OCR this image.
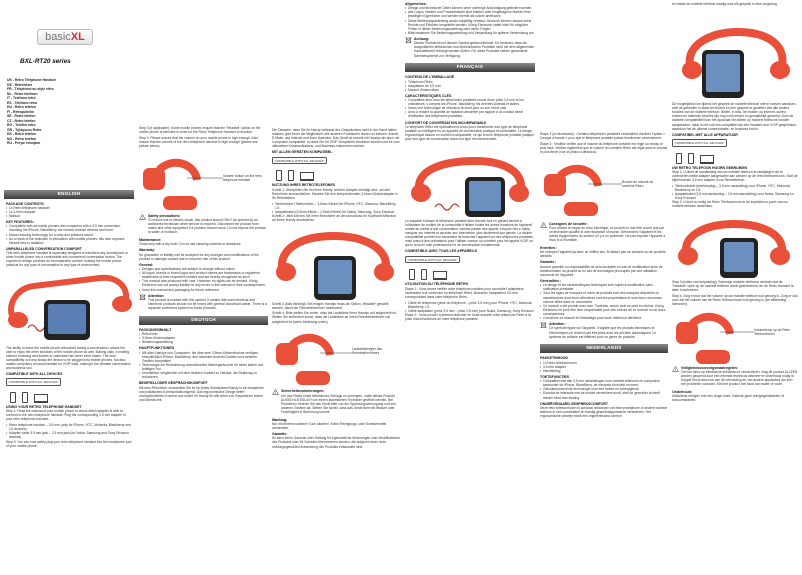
basicXL
BXL-RT20 series
UK - Retro Telephone Handset
DE - Retrohörer
FR - Téléphone au style rétro
NL - Retro telefoon
IT - Telefono retrò
ES - Teléfono retro
HU - Retro telefon
FI - Retropuhelin
SE - Retro telefon
CZ - Retro telefon
RO - Telefon retro
GR - Τηλέφωνο Retro
DK - Retro telefon
NO - Retro telefon
RU - Ретро телефон
ENGLISH
PACKAGE CONTENTS:
• 1x Retro telephone handset
• 1x 3.5mm adapter
• Manual
KEY FEATURES:
• Compatible with all mobile phones and computers with a 3.5 mm connection, including the iPhone, BlackBerry, the newest Android devices and more.
• Noise-reducing technology for a crisp and polished sound.
• As a result of the reduction in interaction with mobile phones, this user exposes himself less to radiation.
UNPARALLELED CONVERSATION COMFORT

This retro telephone handset is especially designed to transform any smartphone or other mobile phone into a comfortable and convenient conversation device. The ergonomic design provides an incomparable comfort, making the mobile phone practical for any type of conversation in any type of environment.

The ability to leave the mobile phone untouched during a conversation, allows the user to enjoy the other functions of the mobile phone as well. Making calls, e-mailing, internet browsing and access to calendars has never been easier. The dual compatibility not only allows the device to be plugged into mobile phones, but also makes computers an ideal handset for VOIP calls, making it the ultimate conversation and business tool.

COMPATIBLE WITH ALL DEVICES
COMPATIBLE WITH ALL DEVICES*
USING YOUR RETRO TELEPHONE HANDSET

Step 1: Read the manual of your mobile phone to check which adapter is able to connect to the retro telephone handset. Plug the corresponding 3.5 mm adapter in your retro telephone handset.

• Retro telephone handset – 3.5 mm (only for iPhone, HTC, Motorola, Blackberry and LG devices)
• Adapter cable 3.5 mm jack – 2.5 mm jack (for Nokia, Samsung and Sony Ericsson devices)

Step 2: You can now safely plug your retro telephone handset into the headphone port of your mobile phone.

Step 3 (if applicable): Some mobile phones require that the "Headset" option on the mobile phone is selected in order for the Retro Telephone Handset to function.

Step 4: Please ensure that the volume on your mobile phone is high enough. Also ensure that the volume of the retro telephone handset is high enough (please see picture below).

Volume button on the retro telephone handset
! Safety precautions:

To reduce risk of electric shock, this product should ONLY be opened by an authorized technician when service is required. Disconnect the product from mains and other equipment if a problem should occur. Do not expose the product to water or moisture.

Maintenance:

Clean only with a dry cloth. Do not use cleaning solvents or abrasives.

Warranty:

No guarantee or liability can be accepted for any changes and modifications of the product or damage caused due to incorrect use of this product.

General:
• Designs and specifications are subject to change without notice.
• All logos, brands or brand logos and product names are trademarks or registered trademarks of their respective holders and are hereby recognized as such.
• This manual was produced with care. However, no rights can be derived. König Electronic can not accept liability for any errors in this manual or their consequences.
• Keep this manual and packaging for future reference.
Attention:

This product is marked with this symbol. It means that used electrical and electronic products should not be mixed with general household waste. There is a separate collections system for these products.

DEUTSCH
PACKUNGSINHALT
• Retrohörer
• 3,5mm-Klinkenadapter
• Bedienungsanleitung
HAUPTFUNKTIONEN
• Mit allen Handys und Computern, die über eine 3,5mm-Klinkenbuchse verfügen, einschließlich iPhone, BlackBerry, den neuesten Android-Geräten und weiteren Geräten kompatibel.
• Technologie zur Reduzierung unerwünschter Nebengeräusche für einen klaren und kräftigen Ton.
• Unmittelbar, vergleichen mit dem direkten Kontakt zu Handys, die Strahlung zu reduzieren.
BEISPIELLOSER GESPRÄCHSKOMFORT

Mit dem Retrohörer verwandeln Sie im Nu jedes Smartphone/Handy in ein bequemes und praktisches Kommunikationsgerät. Das ergonomische Design liefert unvergleichlichen Komfort und macht Ihr Handy für alle Arten von Gesprächen immer und überall zeit.

Die Tatsache, dass Sie Ihr Handy während des Gesprächens nicht in der Hand halten müssen, gibt Ihnen die Möglichkeit, alle anderen Funktionen nutzen zu können: Anrufe, E-Mails, das Internet und Ihren Kalender. Das Gerät ist sowohl mit Handys als auch mit Computern kompatibel, so dass Sie für VOIP-Gespräche einsetzen können und es zum ultimativen Kommunikations- und Business-Instrument machen.

MIT ALLEN GERÄTEN KOMPATIBEL
COMPATIBLE WITH ALL DEVICES*
NUTZUNG IHRES RETROTELEFONES

Schritt 1: Überprüfen Sie im Ihrem Handy, welcher Adapter benötigt wird, um den Retrohörer anzuschließen. Stecken Sie den entsprechenden 3,5mm-Klinkenadapter in Ihr Retrotelefon.

• Telefonhörer (Telefonhörer – 3,5mm-Klinke) für iPhone, HTC, Motorola, BlackBerry, LG
• Adapterkabel (3,5mm-Klinke – 2,5mm-Klinke) für Nokia, Samsung, Sony Ericsson

Schritt 2: Jetzt können Sie Ihren Retrohörer an den Anschluss für Kopfhörer/Mikrofon an Ihrem Handy anschließen.

Schritt 3 (falls benötigt): Bei einigen Handys muss die Option „Headset“ gewählt werden, damit der Retrotelefonhörer funktioniert.

Schritt 4: Bitte stellen Sie sicher, dass die Lautstärke Ihres Handys voll aufgedreht ist. Stellen Sie außerdem sicher, dass die Lautstärke an Ihrem Retrotelefonhörer voll aufgedreht ist (siehe Abbildung unten).

Lautstärkeregler des Retrotelefonhörers
! Sicherheitsvorkehrungen:

Um das Risiko eines elektrischen Schlags zu verringern, sollte dieses Produkt AUSSCHLIESSLICH von einem autorisierten Techniker geöffnet werden. Bei Problemen trennen Sie das Gerät bitte von der Spannungsversorgung und von anderen Geräten ab. Stellen Sie sicher, dass das Gerät nicht mit Wasser oder Feuchtigkeit in Berührung kommt.

Wartung:

Nur mit einem trockenen Tuch säubern. Keine Reinigungs- oder Scheuermittel verwenden.

Garantie:

Es kann keine Garantie oder Haftung für irgendwelche Änderungen oder Modifikationen des Produkts oder für Schäden übernommen werden, die aufgrund einer nicht ordnungsgemäßen Anwendung des Produkts entstanden sind.

Allgemeines:
• Design und technische Daten können ohne vorherige Ankündigung geändert werden.
• Alle Logos, Marken und Produktnamen sind Marken oder eingetragene Marken ihrer jeweiligen Eigentümer und werden hiermit als solche anerkannt.
• Diese Bedienungsanleitung wurde sorgfältig verfasst. Dennoch können daraus keine Rechte und Pflichten hergeleitet werden. König Electronic haftet nicht für mögliche Fehler in dieser Bedienungsanleitung oder deren Folgen.
• Bitte bewahren Sie Bedienungsanleitung und Verpackung für spätere Verwendung auf.
Achtung:

Dieses Produkt ist mit diesem Symbol gekennzeichnet. Es bedeutet, dass die ausgedienten elektrischen und elektronischen Produkte nicht mit dem allgemeinen Haushaltsmüll entsorgt werden dürfen. Für diese Produkte stehen gesonderte Sammelsysteme zur Verfügung.

FRANÇAIS
CONTENU DE L'EMBALLAGE
• Téléphone Rétro
• Adaptateur de 3,5 mm
• Manuel d'instructions
CARACTÉRISTIQUES CLÉS
• Compatible avec tous les téléphones portables munis d'une prise 3,5 mm et les ordinateurs, y compris les iPhone, BlackBerry, les derniers Android et autres.
• Inclus une technologie de réduction du bruit pour un son net et clair.
• Avec à réduire la quantité de radiation absorbée par rapport à un contact direct d'utilisation des téléphones portables.
CONFORT DE CONVERSATION INCOMPARABLE

Le téléphone Rétro est spécialement conçu pour transformer tout type de téléphone portable ou intelligent en un appareil de conversation pratique et confortable. Le design ergonomique assure un confort incomparable, ce qui rend le téléphone portable pratique pour tout type de conversation dans tout type d'environnement.

La capacité à laisser le téléphone portable libre d'accès tout en parlant permet à l'utilisateur de profiter de la commodité d'utiliser toutes les autres fonctions de l'appareil mobile au même d'une conversation: comme passer des appels, envoyer des e-mails, naviguer sur Internet et accéder aux calendriers, plus facilement que jamais. La double compatibilité permet non seulement de brancher l'appareil sur des téléphones portables, mais aussi à des ordinateurs pour l'utiliser comme un combiné pour les appels VOIP, ce qui le rend un outil professionnel et de conversation fondamental.

COMPATIBLE AVEC TOUS LES APPAREILS
COMPATIBLE WITH ALL DEVICES*
UTILISATION DU TÉLÉPHONE RÉTRO

Étape 1 : Vous devez vérifier votre téléphone portable pour connaître l'adaptateur nécessaire à la connexion du téléphone Rétro. Branchez l'adaptateur 3,5 mm correspondant dans votre téléphone Rétro.

• Câble de téléphone (prise du téléphone – prise 3,5 mm) pour iPhone, HTC, Motorola, Blackberry, LG
• Câble adaptateur (prise 3,5 mm – prise 2,5 mm) pour Nokia, Samsung, Sony Ericsson

Étape 2 : Vous pouvez à présent brancher en toute sécurité votre téléphone Rétro à la prise micro/écouteurs de votre téléphone portable.

Étape 3 (si nécessaire) : Certains téléphones portables nécessitent d'activer l'option « Casque d'écoute » pour que le téléphone portable puisse fonctionner correctement.

Étape 4 : Veuillez vérifier que le volume du téléphone portable est réglé au niveau le plus haut. Vérifiez également que le volume du combiné Rétro est réglé avec le volume le plus élevé (voir la photo ci-dessous).

Bouton de volume du combiné Rétro
! Consignes de sécurité :

Pour réduire le risque de choc électrique, ce produit ne doit être ouvert que par un technicien qualifié si une réparation s'impose. Débranchez l'appareil et les autres équipements du secteur s'il y a un problème. Ne pas exposer l'appareil à l'eau ni à l'humidité.

Entretien :

Ne nettoyez l'appareil qu'avec un chiffon sec. N'utilisez pas de solvants ou de produits abrasifs.

Garantie :

Aucune garantie ou responsabilité ne sera acceptée en cas de modification et/ou de transformation du produit ou en cas de dommages provoqués par une utilisation incorrecte de l'appareil.

Généralités :
• Le design et les caractéristiques techniques sont sujets à modification sans notification préalable.
• Tous les logos de marques et noms de produits sont des marques déposées ou immatriculées dont leurs détenteurs sont les propriétaires et sont donc reconnues comme telles dans ce documents.
• Ce manuel a été produit avec soin. Toutefois, aucun droit ne peut en dériver. König Electronic ne peut être tenu responsable pour des erreurs de ce manuel ou de leurs conséquences.
• Conservez ce manuel et l'emballage pour toute référence ultérieure.
Attention :

Ce symbole figure sur l'appareil. Il signifie que les produits électriques et électroniques ne doivent pas être jetés avec les déchets domestiques. Le système de collecte est différent pour ce genre de produits.

NEDERLANDS
PAKKETINHOUD
• 1x Retro telefoonhoorn
• 3,5 mm adapter
• Handleiding
TOETSFUNCTIES
• Compatibel met alle 3,5 mm aansluitingen voor mobiele telefoons en computers, waaronder de iPhone, BlackBerry, de nieuwste Androids en meer.
• Geluidsreducerende technologie voor een helder en scherpgeluid.
• Doordat de interactie met de mobiel vermindert wordt, stelt de gebruiker zichzelf minder bloot aan straling.
ONGEËVENAARD GESPREKSCOMFORT

Deze retro telefoonhoorn is speciaal ontworpen om elke smartphone of andere mobiele telefoon in een comfortabel en handig gespreksapparaat te veranderen. Het ergonomische ontwerp biedt een ongeëvenaard comfort

en maakt de mobiele telefoon handig voor elk gesprek in elke omgeving.

De mogelijkheid om tijdens het gesprek de mobiele telefoon niet te hoeven aanraken, stelt de gebruiker in staat om tevens en een gesprek te genieten van alle andere functies van de mobiele telefoon. Bellen, e-mail, het maken op internet, surfen, zoeken en kalender-functies zijn nog nooit eerder zo gemakkelijk geweest. Door de dubbele compatibiliteit kan het apparaat niet alleen op mobiele telefoons worden aangesloten, maar is het ook een compatibel als een handset voor VOIP-gesprekken, waardoor het de ultieme communicatie- en business tool is.

COMPATIBEL MET ALLE APPARATUUR
COMPATIBLE WITH ALL DEVICES*
UW RETRO TELEFOON HOORN GEBRUIKEN

Stap 1: U dient de handleiding van uw mobiele telefoon te raadplegen om te controleren welke adapter aangesloten kan worden op de retro telefoonhoorn. Sluit de bijbehorende 3,5 mm adapter in uw Retrotelefoon.

• Telefoonkabel (telefoonplug – 3,5 mm aansluiting) voor iPhone, HTC, Motorola, Blackberry en LG
• Adapterkabel (3,5 mm aansluiting – 2,5 mm aansluiting) voor Nokia, Samsung en Sony Ericsson

Stap 2: U kunt nu veilig uw Retro Telefoonhoorn in de koptelefoon-poort van uw mobiele telefoon aansluiten.

Stap 3 (indien van toepassing): Sommige mobiele telefoons vereisen dat de "Headset" optie op de mobiele telefoon wordt geselecteerd om de Retro Handset te laten functioneren.

Stap 4: Zorg ervoor dat het volume op uw mobiele telefoon luid genoeg is. Zorg er ook voor dat het volume van de Retro Telefoonhoorn luid genoeg is (zie afbeelding hieronder).

Volumeknop op de Retro Telefoonhoorn
! Veiligheidsvoorzorgsmaatregelen:

Om het risico op elektrische schokken te verminderen, mag dit product ALLEEN worden geopend door een erkende technicus wanneer er onderhoud nodig is. Koppel het product los van de netvoeding en van andere apparatuur als zich een probleem voordoet. Stel het product niet bloot aan water of vocht.

Onderhoud:

Uitsluitend reinigen met een droge doek. Gebruik geen reinigingsmiddelen of schuurmiddelen.
